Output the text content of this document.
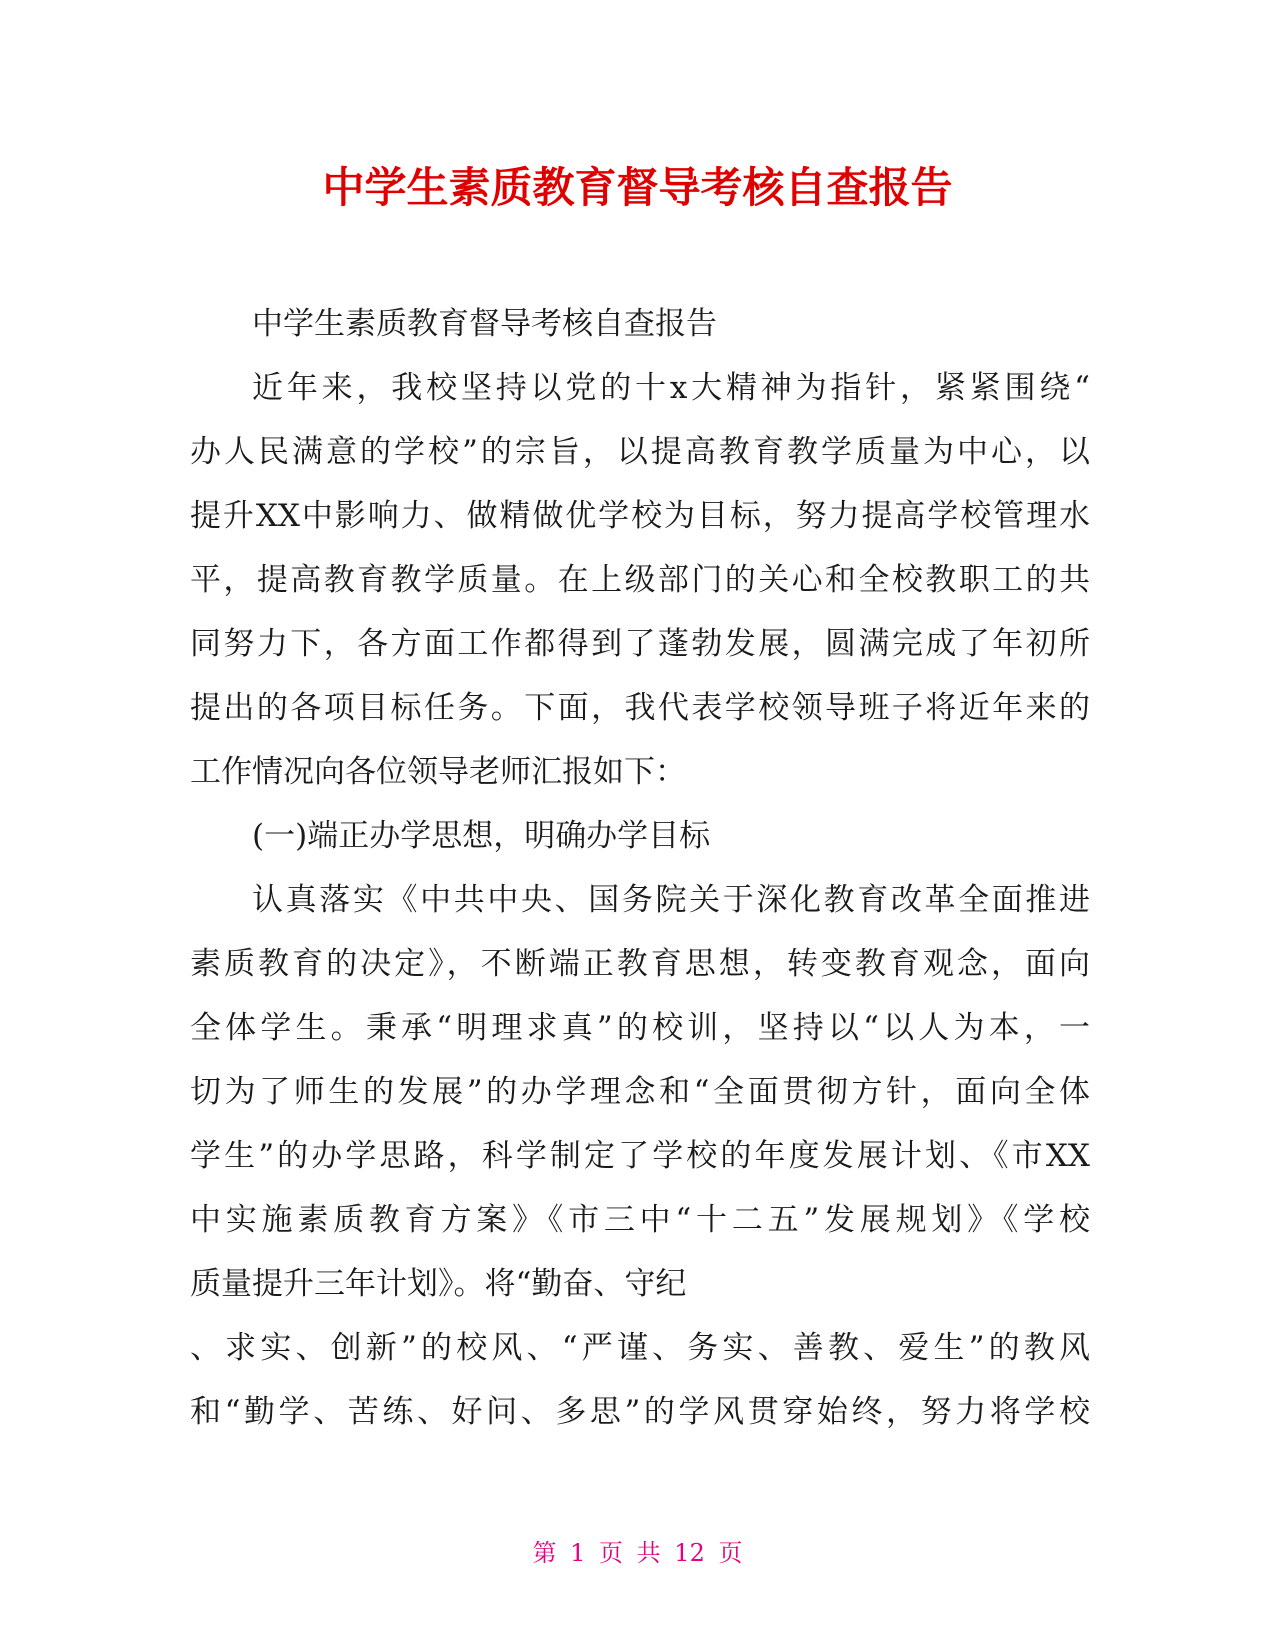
中学生素质教育督导考核自查报告
中学生素质教育督导考核自查报告
近年来，我校坚持以党的十x大精神为指针，紧紧围绕“
办人民满意的学校”的宗旨，以提高教育教学质量为中心，以
提升XX中影响力、做精做优学校为目标，努力提高学校管理水
平，提高教育教学质量。在上级部门的关心和全校教职工的共
同努力下，各方面工作都得到了蓬勃发展，圆满完成了年初所
提出的各项目标任务。下面，我代表学校领导班子将近年来的
工作情况向各位领导老师汇报如下：
(一)端正办学思想，明确办学目标
认真落实《中共中央、国务院关于深化教育改革全面推进
素质教育的决定》，不断端正教育思想，转变教育观念，面向
全体学生。秉承“明理求真”的校训，坚持以“以人为本，一
切为了师生的发展”的办学理念和“全面贯彻方针，面向全体
学生”的办学思路，科学制定了学校的年度发展计划、《市XX
中实施素质教育方案》《市三中“十二五”发展规划》《学校
质量提升三年计划》。将“勤奋、守纪
、求实、创新”的校风、“严谨、务实、善教、爱生”的教风
和“勤学、苦练、好问、多思”的学风贯穿始终，努力将学校
第 1 页 共 12 页
